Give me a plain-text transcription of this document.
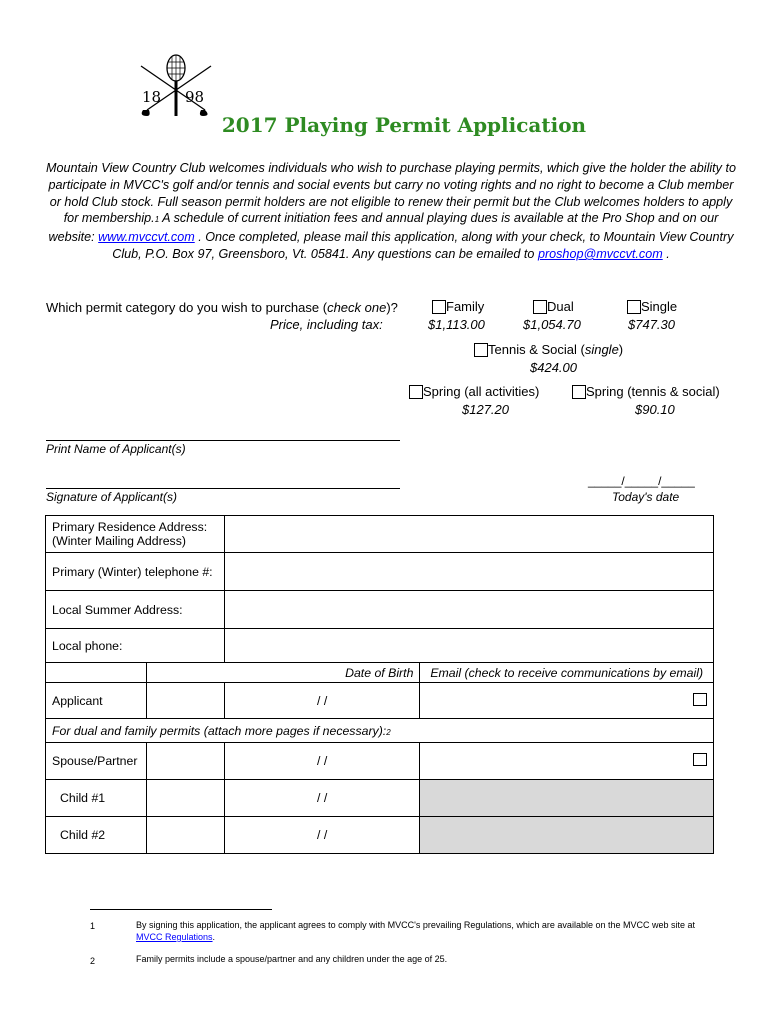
18 98
2017 Playing Permit Application
Mountain View Country Club welcomes individuals who wish to purchase playing permits, which give the holder the ability to participate in MVCC's golf and/or tennis and social events but carry no voting rights and no right to become a Club member or hold Club stock. Full season permit holders are not eligible to renew their permit but the Club welcomes holders to apply for membership.1 A schedule of current initiation fees and annual playing dues is available at the Pro Shop and on our website: www.mvccvt.com . Once completed, please mail this application, along with your check, to Mountain View Country Club, P.O. Box 97, Greensboro, Vt. 05841. Any questions can be emailed to proshop@mvccvt.com .
Which permit category do you wish to purchase (check one)?
Price, including tax:
Family
$1,113.00
Dual
$1,054.70
Single
$747.30
Tennis & Social (single)
$424.00
Spring (all activities)
$127.20
Spring (tennis & social)
$90.10
Print Name of Applicant(s)
Signature of Applicant(s)
_____/_____/_____
Today's date
Primary Residence Address:
(Winter Mailing Address)			

Primary (Winter) telephone #:			
Local Summer Address:			
Local phone:			
	Date of Birth		Email (check to receive communications by email)
Applicant		/ /	
For dual and family permits (attach more pages if necessary):2			
Spouse/Partner		/ /	
Child #1		/ /	
Child #2		/ /	
1	By signing this application, the applicant agrees to comply with MVCC's prevailing Regulations, which are available on the MVCC web site at MVCC Regulations.
2	Family permits include a spouse/partner and any children under the age of 25.
